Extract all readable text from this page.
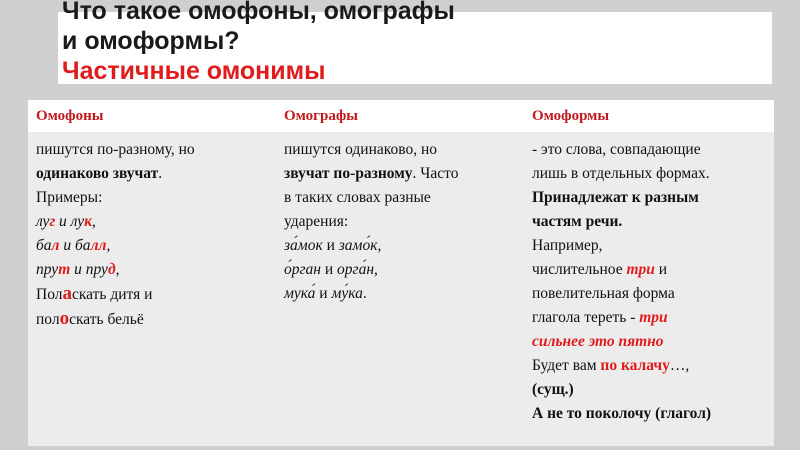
Что такое омофоны, омографы
и омоформы?
Частичные омонимы
Омофоны
пишутся по-разному, но
одинаково звучат.
Примеры:
луг и лук,
бал и балл,
прут и пруд,
Поласкать дитя и
полоскать бельё
Омографы
пишутся одинаково, но
звучат по-разному. Часто
в таких словах разные
ударения:
за́мок и замо́к,
о́рган и орга́н,
мука́ и му́ка.
Омоформы
- это слова, совпадающие
лишь в отдельных формах.
Принадлежат к разным
частям речи.
Например,
числительное три и
повелительная форма
глагола тереть - три
сильнее это пятно
Будет вам по калачу…,
(сущ.)
А не то поколочу (глагол)
